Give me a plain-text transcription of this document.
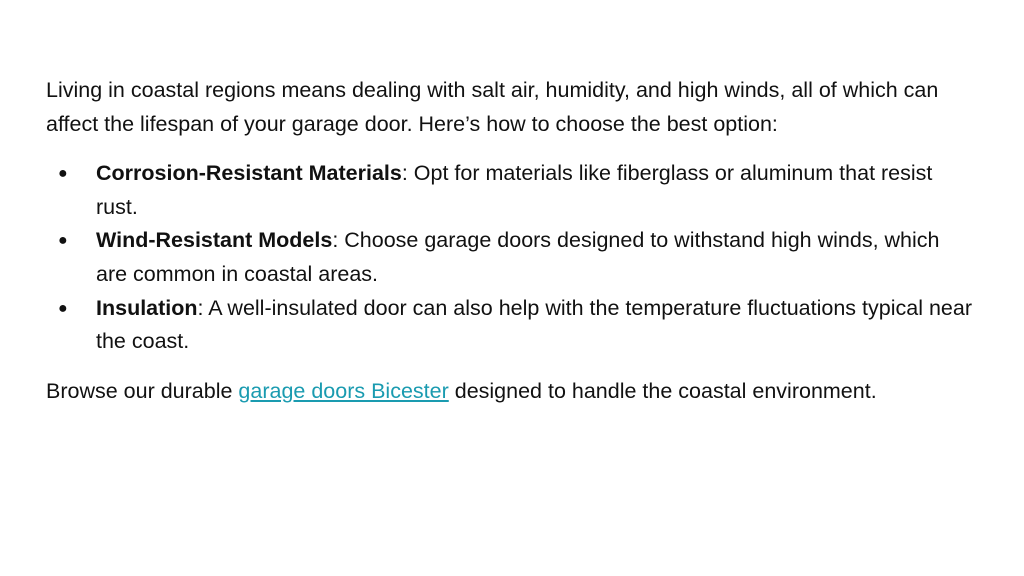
Living in coastal regions means dealing with salt air, humidity, and high winds, all of which can affect the lifespan of your garage door. Here’s how to choose the best option:

● Corrosion-Resistant Materials: Opt for materials like fiberglass or aluminum that resist rust.
● Wind-Resistant Models: Choose garage doors designed to withstand high winds, which are common in coastal areas.
● Insulation: A well-insulated door can also help with the temperature fluctuations typical near the coast.

Browse our durable garage doors Bicester designed to handle the coastal environment.
